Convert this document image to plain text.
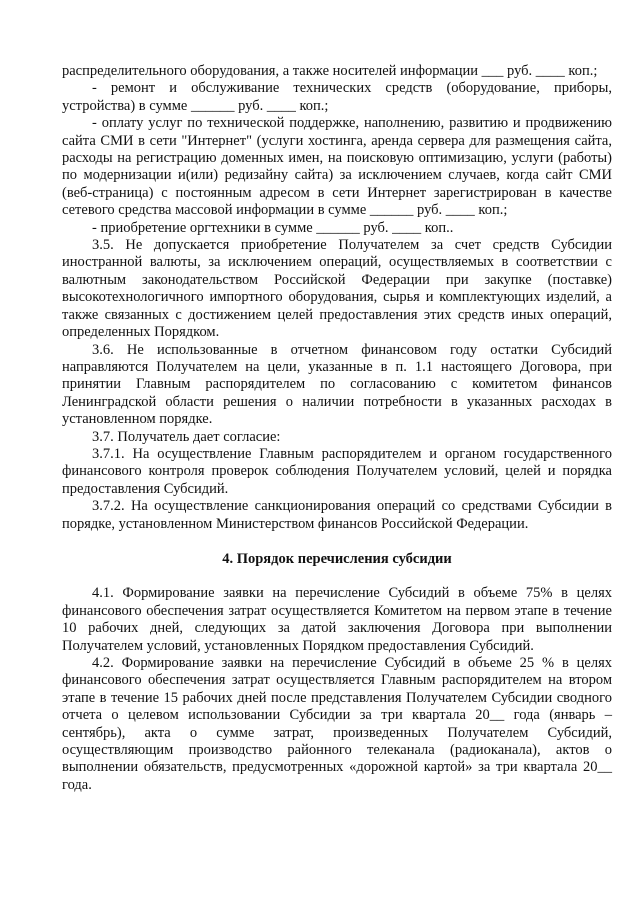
распределительного оборудования, а также носителей информации ___ руб. ____ коп.;

- ремонт и обслуживание технических средств (оборудование, приборы, устройства) в сумме ______ руб. ____ коп.;

- оплату услуг по технической поддержке, наполнению, развитию и продвижению сайта СМИ в сети "Интернет" (услуги хостинга, аренда сервера для размещения сайта, расходы на регистрацию доменных имен, на поисковую оптимизацию, услуги (работы) по модернизации и(или) редизайну сайта) за исключением случаев, когда сайт СМИ (веб-страница) с постоянным адресом в сети Интернет зарегистрирован в качестве сетевого средства массовой информации в сумме ______ руб. ____ коп.;

- приобретение оргтехники в сумме ______ руб. ____ коп..

3.5. Не допускается приобретение Получателем за счет средств Субсидии иностранной валюты, за исключением операций, осуществляемых в соответствии с валютным законодательством Российской Федерации при закупке (поставке) высокотехнологичного импортного оборудования, сырья и комплектующих изделий, а также связанных с достижением целей предоставления этих средств иных операций, определенных Порядком.

3.6. Не использованные в отчетном финансовом году остатки Субсидий направляются Получателем на цели, указанные в п. 1.1 настоящего Договора, при принятии Главным распорядителем по согласованию с комитетом финансов Ленинградской области решения о наличии потребности в указанных расходах в установленном порядке.

3.7. Получатель дает согласие:

3.7.1. На осуществление Главным распорядителем и органом государственного финансового контроля проверок соблюдения Получателем условий, целей и порядка предоставления Субсидий.

3.7.2. На осуществление санкционирования операций со средствами Субсидии в порядке, установленном Министерством финансов Российской Федерации.

4. Порядок перечисления субсидии

4.1. Формирование заявки на перечисление Субсидий в объеме 75% в целях финансового обеспечения затрат осуществляется Комитетом на первом этапе в течение 10 рабочих дней, следующих за датой заключения Договора при выполнении Получателем условий, установленных Порядком предоставления Субсидий.

4.2. Формирование заявки на перечисление Субсидий в объеме 25 % в целях финансового обеспечения затрат осуществляется Главным распорядителем на втором этапе в течение 15 рабочих дней после представления Получателем Субсидии сводного отчета о целевом использовании Субсидии за три квартала 20__ года (январь – сентябрь), акта о сумме затрат, произведенных Получателем Субсидий, осуществляющим производство районного телеканала (радиоканала), актов о выполнении обязательств, предусмотренных «дорожной картой» за три квартала 20__ года.
